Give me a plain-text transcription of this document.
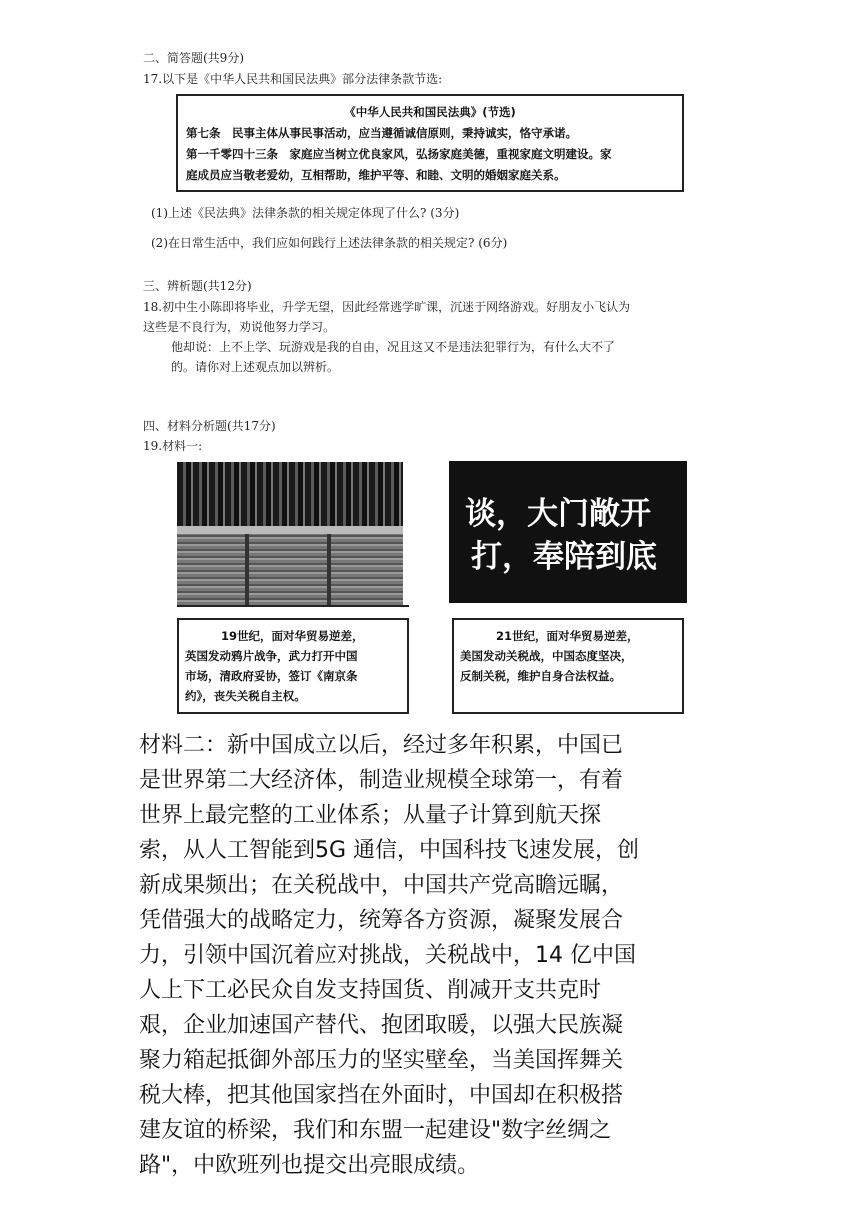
二、简答题(共9分)
17.以下是《中华人民共和国民法典》部分法律条款节选:
《中华人民共和国民法典》(节选)
第七条　民事主体从事民事活动，应当遵循诚信原则，秉持诚实，恪守承诺。
第一千零四十三条　家庭应当树立优良家风，弘扬家庭美德，重视家庭文明建设。家
庭成员应当敬老爱幼，互相帮助，维护平等、和睦、文明的婚姻家庭关系。
(1)上述《民法典》法律条款的相关规定体现了什么? (3分)
(2)在日常生活中，我们应如何践行上述法律条款的相关规定? (6分)
三、辨析题(共12分)
18.初中生小陈即将毕业，升学无望，因此经常逃学旷课，沉迷于网络游戏。好朋友小飞认为
这些是不良行为，劝说他努力学习。
他却说：上不上学、玩游戏是我的自由，况且这又不是违法犯罪行为，有什么大不了
的。请你对上述观点加以辨析。
四、材料分析题(共17分)
19.材料一:
谈，大门敞开
打，奉陪到底
19世纪，面对华贸易逆差，
英国发动鸦片战争，武力打开中国
市场，清政府妥协，签订《南京条
约》，丧失关税自主权。
21世纪，面对华贸易逆差，
美国发动关税战，中国态度坚决，
反制关税，维护自身合法权益。
材料二：新中国成立以后，经过多年积累，中国已
是世界第二大经济体，制造业规模全球第一，有着
世界上最完整的工业体系；从量子计算到航天探
索，从人工智能到5G 通信，中国科技飞速发展，创
新成果频出；在关税战中，中国共产党高瞻远瞩，
凭借强大的战略定力，统筹各方资源，凝聚发展合
力，引领中国沉着应对挑战，关税战中，14 亿中国
人上下工必民众自发支持国货、削减开支共克时
艰，企业加速国产替代、抱团取暖，以强大民族凝
聚力箱起抵御外部压力的坚实壁垒，当美国挥舞关
税大棒，把其他国家挡在外面时，中国却在积极搭
建友谊的桥梁，我们和东盟一起建设"数字丝绸之
路"，中欧班列也提交出亮眼成绩。
